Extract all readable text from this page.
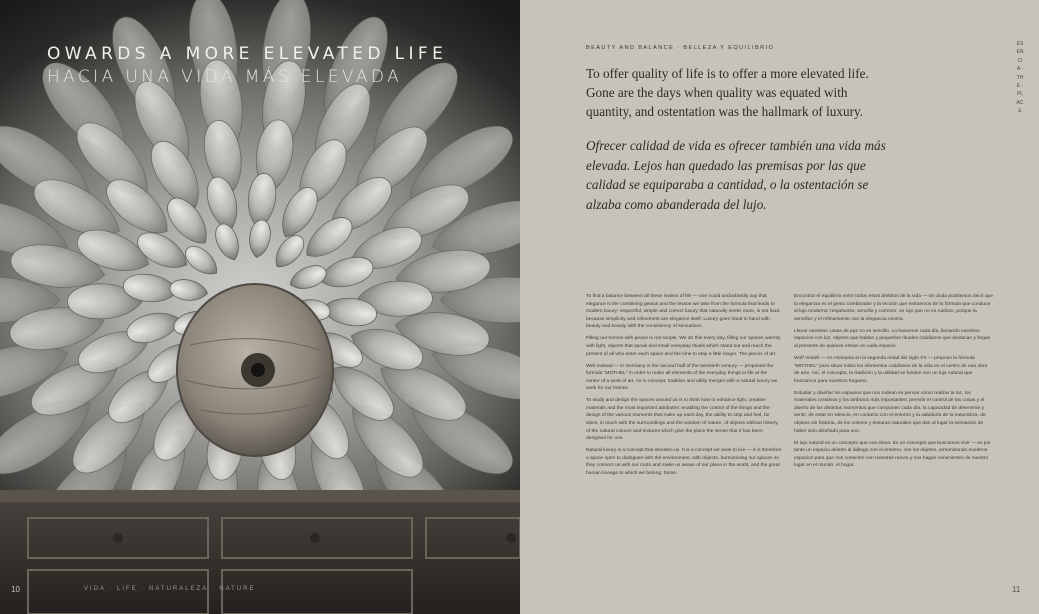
OWARDS A MORE ELEVATED LIFE
HACIA UNA VIDA MÁS ELEVADA
10	VIDA · LIFE · NATURALEZA · NATURE
BEAUTY AND BALANCE · BELLEZA Y EQUILIBRIO

To offer quality of life is to offer a more elevated life. Gone are the days when quality was equated with quantity, and ostentation was the hallmark of luxury.

Ofrecer calidad de vida es ofrecer también una vida más elevada. Lejos han quedado las premisas por las que calidad se equiparaba a cantidad, o la ostentación se alzaba como abanderada del lujo.

ESENCIA · THE · PLACE

To find a balance between all these realms of life — one could undoubtedly say that elegance is the combining genius and the lesson we take from the formula that leads to modern luxury: respectful, simple and correct luxury that naturally seeks more, is not loud, because simplicity and refinement are elegance itself. Luxury goes hand in hand with beauty and beauty with the consistency of sensations.

Filling our homes with peace is not simple. We do this every day, filling our spaces warmly with light, objects that speak and small everyday rituals which stand out and reach the present of all who enter each space and the time to stay a little longer. The pieces of art.

Well instead — in Germany in the second half of the twentieth century — proposed the formula "MOTHEL" in order to make all elements of the everyday things in life at the centre of a work of art. As in concept, tradition and utility merges with a natural luxury we seek for our homes.

To study and design the spaces around us is to think how to enhance light, creative materials and the most important attributes: enabling the control of the things and the design of the various moments that make up each day, the ability to stop and feel, be silent, in touch with the surroundings and the wisdom of nature, of objects without history, of the natural colours and textures which give the place the sense that it has been designed for one.

Natural luxury is a concept that elevates us. It is a concept we seek to live — it is therefore a space open to dialogues with the environment, with objects, harmonising our spaces so they connect us with our roots and make us aware of our place in the world, and the great human lineage to which we belong: home.

Encontrar el equilibrio entre todos estos ámbitos de la vida — sin duda podríamos decir que la elegancia es el genio combinador y la lección que extraemos de la fórmula que conduce al lujo moderno: respetuoso, sencillo y correcto, un lujo que no es ruidoso, porque la sencillez y el refinamiento son la elegancia misma.

Llenar nuestras casas de paz no es sencillo. Lo hacemos cada día, llenando nuestros espacios con luz, objetos que hablan y pequeños rituales cotidianos que destacan y llegan al presente de quienes entran en cada espacio.

Wolf Vostell — en Alemania en la segunda mitad del siglo XX — propuso la fórmula "MOTHEL" para situar todos los elementos cotidianos de la vida en el centro de una obra de arte. Así, el concepto, la tradición y la utilidad se funden con un lujo natural que buscamos para nuestros hogares.

Estudiar y diseñar los espacios que nos rodean es pensar cómo realzar la luz, los materiales creativos y los atributos más importantes: permitir el control de las cosas y el diseño de los distintos momentos que componen cada día, la capacidad de detenerse y sentir, de estar en silencio, en contacto con el entorno y la sabiduría de la naturaleza, de objetos sin historia, de los colores y texturas naturales que dan al lugar la sensación de haber sido diseñado para uno.

El lujo natural es un concepto que nos eleva. Es un concepto que buscamos vivir — es por tanto un espacio abierto al diálogo con el entorno, con los objetos, armonizando nuestros espacios para que nos conecten con nuestras raíces y nos hagan conscientes de nuestro lugar en el mundo: el hogar.

11
